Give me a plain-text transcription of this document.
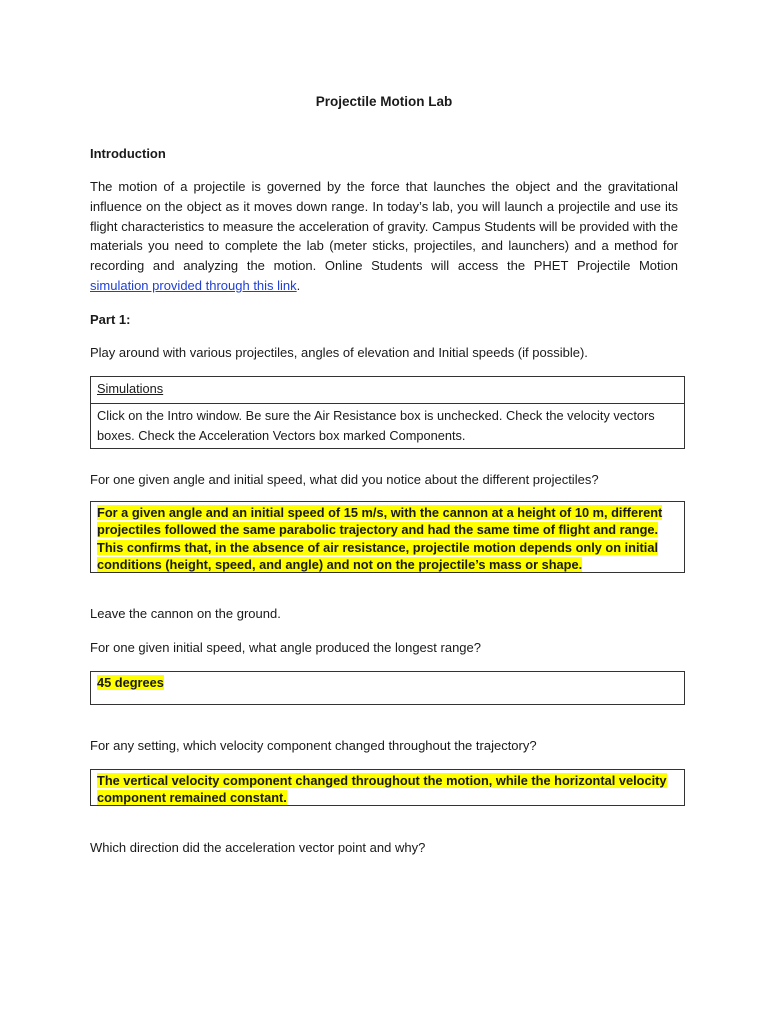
Projectile Motion Lab
Introduction
The motion of a projectile is governed by the force that launches the object and the gravitational influence on the object as it moves down range. In today’s lab, you will launch a projectile and use its flight characteristics to measure the acceleration of gravity. Campus Students will be provided with the materials you need to complete the lab (meter sticks, projectiles, and launchers) and a method for recording and analyzing the motion. Online Students will access the PHET Projectile Motion simulation provided through this link.
Part 1:
Play around with various projectiles, angles of elevation and Initial speeds (if possible).
Simulations
Click on the Intro window. Be sure the Air Resistance box is unchecked. Check the velocity vectors boxes. Check the Acceleration Vectors box marked Components.
For one given angle and initial speed, what did you notice about the different projectiles?
For a given angle and an initial speed of 15 m/s, with the cannon at a height of 10 m, different projectiles followed the same parabolic trajectory and had the same time of flight and range. This confirms that, in the absence of air resistance, projectile motion depends only on initial conditions (height, speed, and angle) and not on the projectile’s mass or shape.
Leave the cannon on the ground.
For one given initial speed, what angle produced the longest range?
45 degrees
For any setting, which velocity component changed throughout the trajectory?
The vertical velocity component changed throughout the motion, while the horizontal velocity component remained constant.
Which direction did the acceleration vector point and why?
